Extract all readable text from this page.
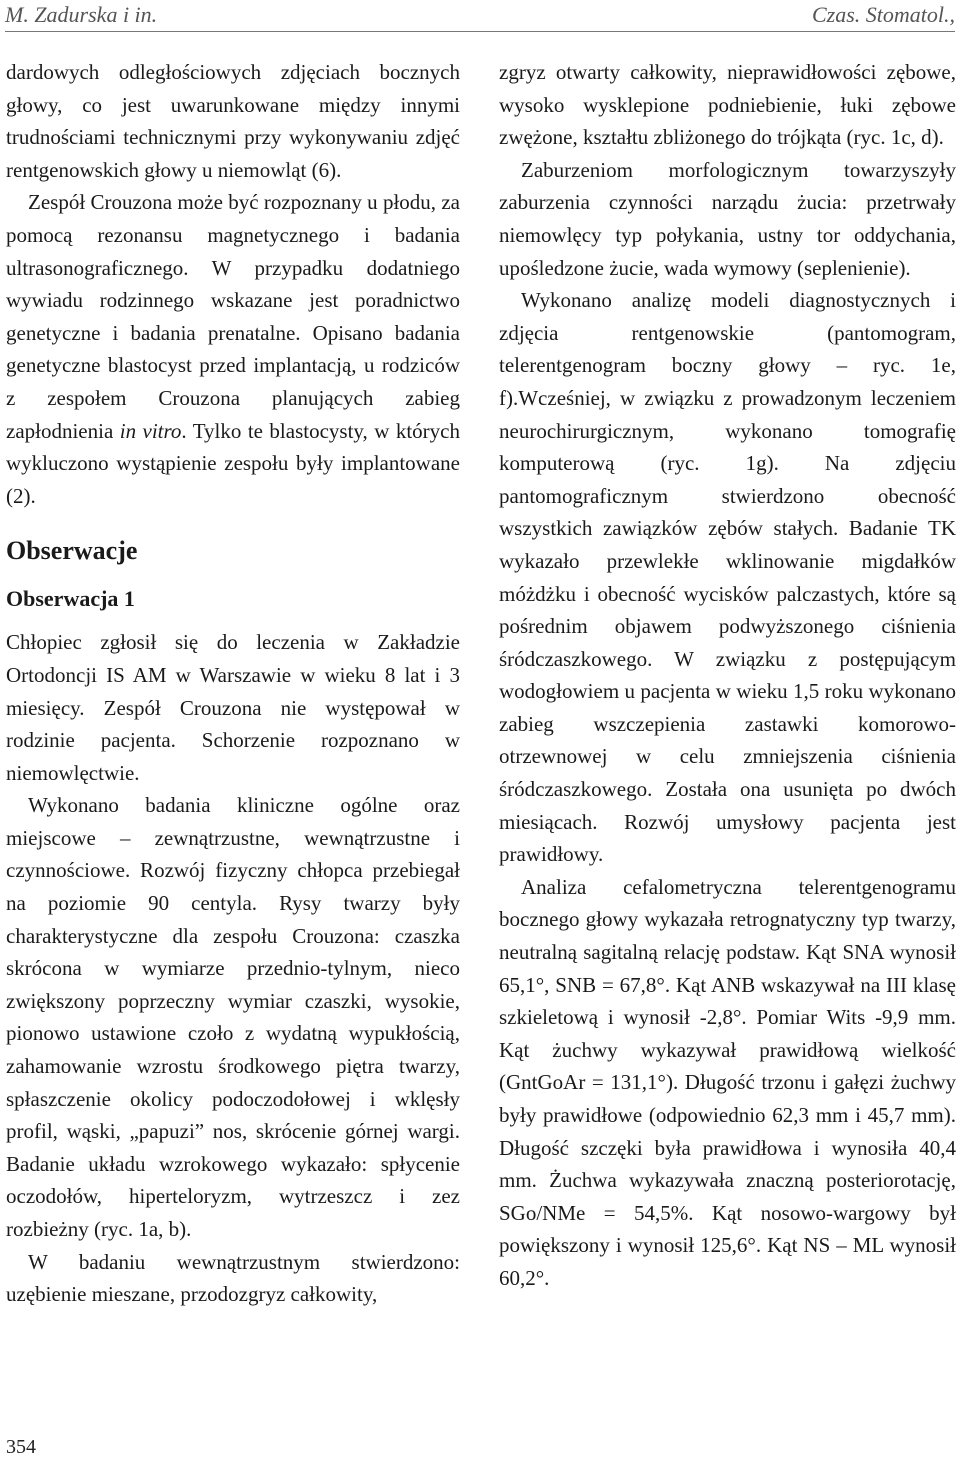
M. Zadurska i in.	Czas. Stomatol.,

dardowych odległościowych zdjęciach bocznych głowy, co jest uwarunkowane między innymi trudnościami technicznymi przy wykonywaniu zdjęć rentgenowskich głowy u niemowląt (6).

Zespół Crouzona może być rozpoznany u płodu, za pomocą rezonansu magnetycznego i badania ultrasonograficznego. W przypadku dodatniego wywiadu rodzinnego wskazane jest poradnictwo genetyczne i badania prenatalne. Opisano badania genetyczne blastocyst przed implantacją, u rodziców z zespołem Crouzona planujących zabieg zapłodnienia in vitro. Tylko te blastocysty, w których wykluczono wystąpienie zespołu były implantowane (2).

Obserwacje
Obserwacja 1

Chłopiec zgłosił się do leczenia w Zakładzie Ortodoncji IS AM w Warszawie w wieku 8 lat i 3 miesięcy. Zespół Crouzona nie występował w rodzinie pacjenta. Schorzenie rozpoznano w niemowlęctwie.

Wykonano badania kliniczne ogólne oraz miejscowe – zewnątrzustne, wewnątrzustne i czynnościowe. Rozwój fizyczny chłopca przebiegał na poziomie 90 centyla. Rysy twarzy były charakterystyczne dla zespołu Crouzona: czaszka skrócona w wymiarze przednio-tylnym, nieco zwiększony poprzeczny wymiar czaszki, wysokie, pionowo ustawione czoło z wydatną wypukłością, zahamowanie wzrostu środkowego piętra twarzy, spłaszczenie okolicy podoczodołowej i wklęsły profil, wąski, „papuzi” nos, skrócenie górnej wargi. Badanie układu wzrokowego wykazało: spłycenie oczodołów, hiperteloryzm, wytrzeszcz i zez rozbieżny (ryc. 1a, b).

W badaniu wewnątrzustnym stwierdzono: uzębienie mieszane, przodozgryz całkowity,

zgryz otwarty całkowity, nieprawidłowości zębowe, wysoko wysklepione podniebienie, łuki zębowe zwężone, kształtu zbliżonego do trójkąta (ryc. 1c, d).

Zaburzeniom morfologicznym towarzyszyły zaburzenia czynności narządu żucia: przetrwały niemowlęcy typ połykania, ustny tor oddychania, upośledzone żucie, wada wymowy (seplenienie).

Wykonano analizę modeli diagnostycznych i zdjęcia rentgenowskie (pantomogram, telerentgenogram boczny głowy – ryc. 1e, f).Wcześniej, w związku z prowadzonym leczeniem neurochirurgicznym, wykonano tomografię komputerową (ryc. 1g). Na zdjęciu pantomograficznym stwierdzono obecność wszystkich zawiązków zębów stałych. Badanie TK wykazało przewlekłe wklinowanie migdałków móżdżku i obecność wycisków palczastych, które są pośrednim objawem podwyższonego ciśnienia śródczaszkowego. W związku z postępującym wodogłowiem u pacjenta w wieku 1,5 roku wykonano zabieg wszczepienia zastawki komorowo-otrzewnowej w celu zmniejszenia ciśnienia śródczaszkowego. Została ona usunięta po dwóch miesiącach. Rozwój umysłowy pacjenta jest prawidłowy.

Analiza cefalometryczna telerentgenogramu bocznego głowy wykazała retrognatyczny typ twarzy, neutralną sagitalną relację podstaw. Kąt SNA wynosił 65,1°, SNB = 67,8°. Kąt ANB wskazywał na III klasę szkieletową i wynosił -2,8°. Pomiar Wits -9,9 mm. Kąt żuchwy wykazywał prawidłową wielkość (GntGoAr = 131,1°). Długość trzonu i gałęzi żuchwy były prawidłowe (odpowiednio 62,3 mm i 45,7 mm). Długość szczęki była prawidłowa i wynosiła 40,4 mm. Żuchwa wykazywała znaczną posteriorotację, SGo/NMe = 54,5%. Kąt nosowo-wargowy był powiększony i wynosił 125,6°. Kąt NS – ML wynosił 60,2°.

354
